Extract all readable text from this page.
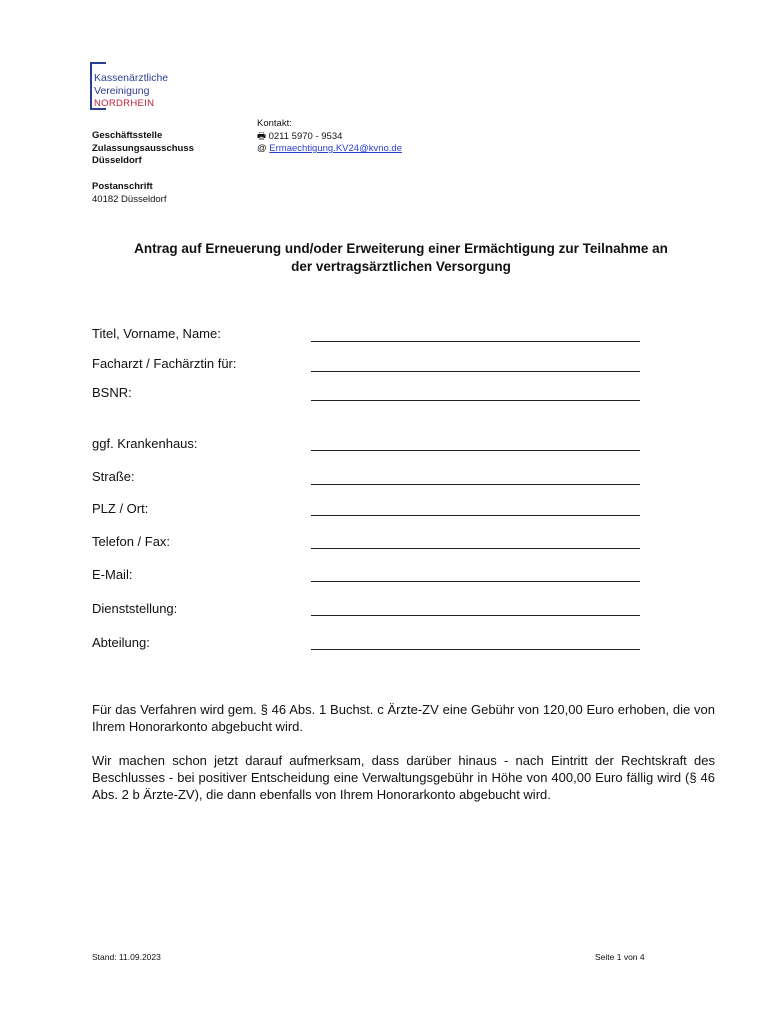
Kassenärztliche
Vereinigung
NORDRHEIN
Geschäftsstelle
Zulassungsausschuss
Düsseldorf
Postanschrift
40182 Düsseldorf
Kontakt:
🖶 0211 5970 - 9534
@ Ermaechtigung.KV24@kvno.de
Antrag auf Erneuerung und/oder Erweiterung einer Ermächtigung zur Teilnahme an
der vertragsärztlichen Versorgung
Titel, Vorname, Name:
Facharzt / Fachärztin für:
BSNR:
ggf. Krankenhaus:
Straße:
PLZ / Ort:
Telefon / Fax:
E-Mail:
Dienststellung:
Abteilung:
Für das Verfahren wird gem. § 46 Abs. 1 Buchst. c Ärzte-ZV eine Gebühr von 120,00 Euro erhoben, die von Ihrem Honorarkonto abgebucht wird.
Wir machen schon jetzt darauf aufmerksam, dass darüber hinaus - nach Eintritt der Rechtskraft des Beschlusses - bei positiver Entscheidung eine Verwaltungsgebühr in Höhe von 400,00 Euro fällig wird (§ 46 Abs. 2 b Ärzte-ZV), die dann ebenfalls von Ihrem Honorarkonto abgebucht wird.
Stand: 11.09.2023	Seite 1 von 4
